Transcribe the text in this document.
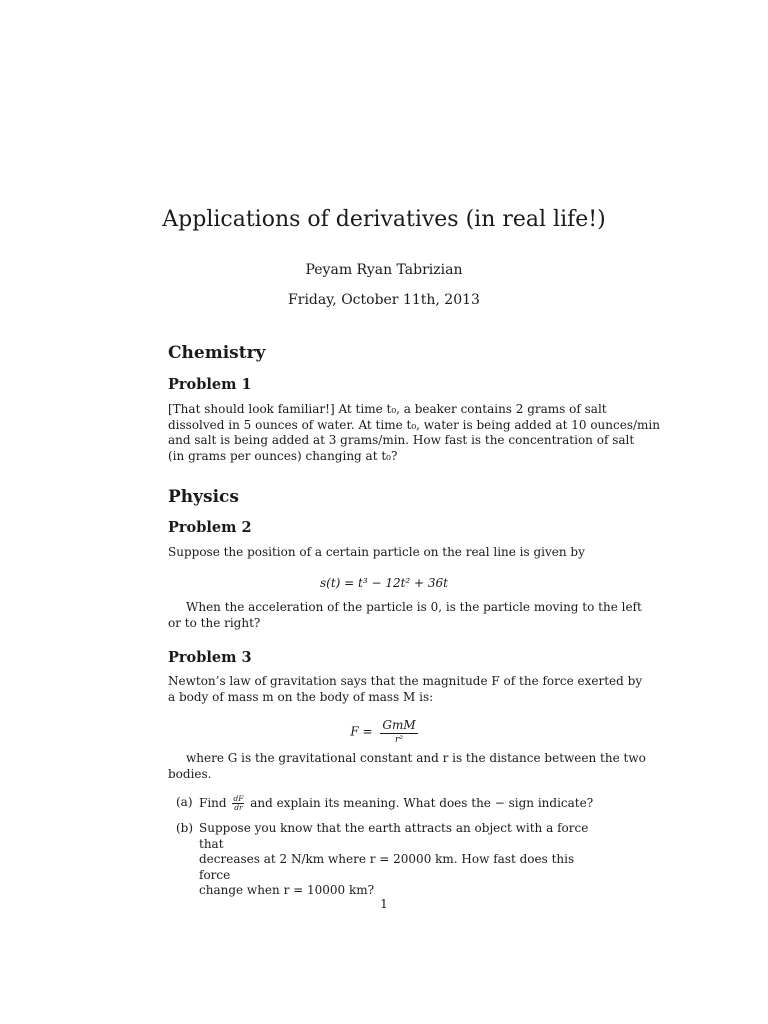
Applications of derivatives (in real life!)
Peyam Ryan Tabrizian
Friday, October 11th, 2013
Chemistry
Problem 1
[That should look familiar!] At time t₀, a beaker contains 2 grams of salt
dissolved in 5 ounces of water. At time t₀, water is being added at 10 ounces/min
and salt is being added at 3 grams/min. How fast is the concentration of salt
(in grams per ounces) changing at t₀?
Physics
Problem 2
Suppose the position of a certain particle on the real line is given by
s(t) = t³ − 12t² + 36t
When the acceleration of the particle is 0, is the particle moving to the left
or to the right?
Problem 3
Newton’s law of gravitation says that the magnitude F of the force exerted by
a body of mass m on the body of mass M is:
$F = \frac{\text{GmM}}{\text{r²}}$
where G is the gravitational constant and r is the distance between the two
bodies.
(a) Find $\frac{dF}{dr}$ and explain its meaning. What does the − sign indicate?
(b) Suppose you know that the earth attracts an object with a force that
decreases at 2 N/km where r = 20000 km. How fast does this force
change when r = 10000 km?
1
